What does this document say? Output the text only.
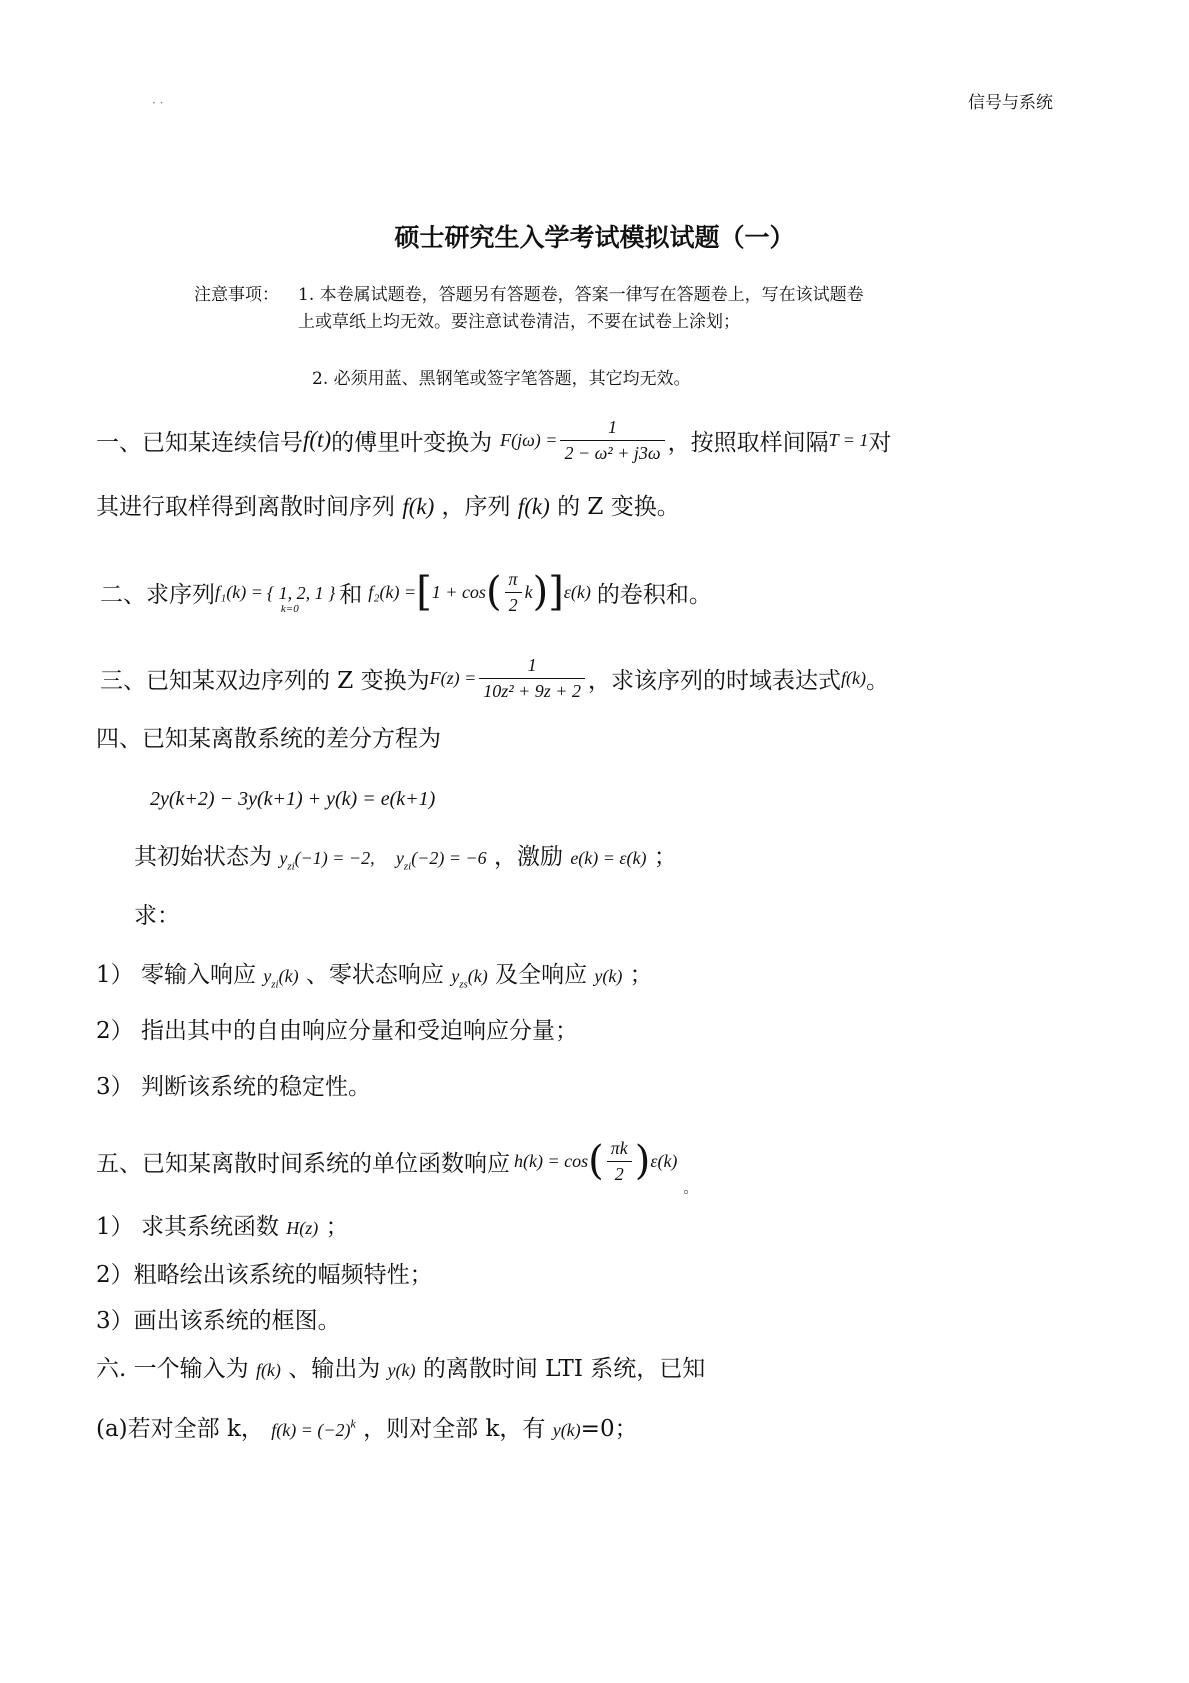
· ·	信号与系统
硕士研究生入学考试模拟试题（一）
注意事项： 1. 本卷属试题卷，答题另有答题卷，答案一律写在答题卷上，写在该试题卷
上或草纸上均无效。要注意试卷清洁，不要在试卷上涂划；
2. 必须用蓝、黑钢笔或签字笔答题，其它均无效。
一、已知某连续信号 f(t) 的傅里叶变换为 $F(j\omega) = \frac{1}{\text{2 − ω² + j3ω}}$ ，按照取样间隔 T = 1 对
其进行取样得到离散时间序列 f(k) ，序列 f(k) 的 Z 变换。
二、求序列 f₁(k) = { 1, 2, 1 }
k=0
和 f₂(k) = [ 1 + cos ( $\frac{\pi}{2}$ k ) ] ε(k) 的卷积和。
三、已知某双边序列的 Z 变换为 $F(z) = \frac{1}{\text{10z² + 9z + 2}}$ ，求该序列的时域表达式 f(k) 。
四、已知某离散系统的差分方程为
2y(k+2) − 3y(k+1) + y(k) = e(k+1)
其初始状态为 $y_{zi}(-1) = -2$, $y_{zi}(-2) = -6$ ，激励 e(k) = ε(k) ；
求：
1） 零输入响应 $y_{zi}(k)$ 、零状态响应 $y_{zs}(k)$ 及全响应 y(k) ；
2） 指出其中的自由响应分量和受迫响应分量；
3） 判断该系统的稳定性。
五、已知某离散时间系统的单位函数响应 h(k) = cos ( $\frac{\pi k}{2}$ ) ε(k)
。
1） 求其系统函数 H(z) ；
2）粗略绘出该系统的幅频特性；
3）画出该系统的框图。
六. 一个输入为 f(k) 、输出为 y(k) 的离散时间 LTI 系统，已知
(a)若对全部 k， $f(k) = (-2)^k$ ，则对全部 k，有 y(k)=0；
